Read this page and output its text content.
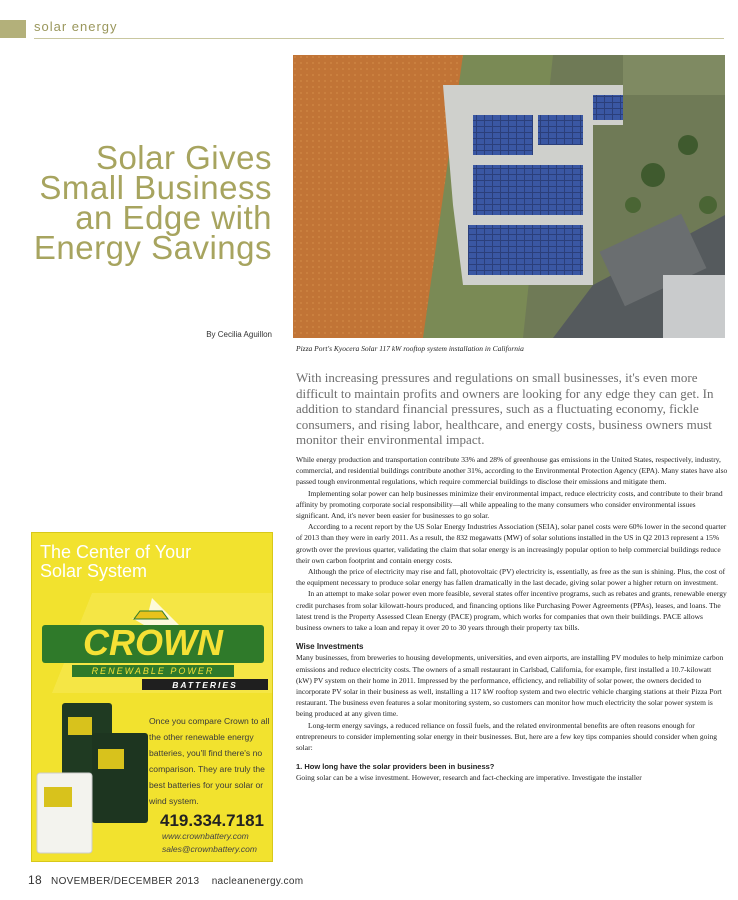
solar energy
Solar Gives Small Business an Edge with Energy Savings
By Cecilia Aguillon
Pizza Port's Kyocera Solar 117 kW rooftop system installation in California

With increasing pressures and regulations on small businesses, it's even more difficult to maintain profits and owners are looking for any edge they can get. In addition to standard financial pressures, such as a fluctuating economy, fickle consumers, and rising labor, healthcare, and energy costs, business owners must monitor their environmental impact.

While energy production and transportation contribute 33% and 28% of greenhouse gas emissions in the United States, respectively, industry, commercial, and residential buildings contribute another 31%, according to the Environmental Protection Agency (EPA). Many states have also passed tough environmental regulations, which require commercial buildings to disclose their emissions and mitigate them.

Implementing solar power can help businesses minimize their environmental impact, reduce electricity costs, and contribute to their brand affinity by promoting corporate social responsibility—all while appealing to the many consumers who consider environmental issues significant. And, it's never been easier for businesses to go solar.

According to a recent report by the US Solar Energy Industries Association (SEIA), solar panel costs were 60% lower in the second quarter of 2013 than they were in early 2011. As a result, the 832 megawatts (MW) of solar solutions installed in the US in Q2 2013 represent a 15% growth over the previous quarter, validating the claim that solar energy is an increasingly popular option to help commercial buildings reduce their own carbon footprint and contain energy costs.

Although the price of electricity may rise and fall, photovoltaic (PV) electricity is, essentially, as free as the sun is shining. Plus, the cost of the equipment necessary to produce solar energy has fallen dramatically in the last decade, giving solar power a higher return on investment.

In an attempt to make solar power even more feasible, several states offer incentive programs, such as rebates and grants, renewable energy credit purchases from solar kilowatt-hours produced, and financing options like Purchasing Power Agreements (PPAs), leases, and loans. The latest trend is the Property Assessed Clean Energy (PACE) program, which works for companies that own their buildings. PACE allows business owners to take a loan and repay it over 20 to 30 years through their property tax bills.

Wise Investments

Many businesses, from breweries to housing developments, universities, and even airports, are installing PV modules to help minimize carbon emissions and reduce electricity costs. The owners of a small restaurant in Carlsbad, California, for example, first installed a 10.7-kilowatt (kW) PV system on their home in 2011. Impressed by the performance, efficiency, and reliability of solar power, the owners decided to incorporate PV solar in their business as well, installing a 117 kW rooftop system and two electric vehicle charging stations at their Pizza Port restaurant. The business even features a solar monitoring system, so customers can monitor how much electricity the solar power system is being produced at any given time.

Long-term energy savings, a reduced reliance on fossil fuels, and the related environmental benefits are often reasons enough for entrepreneurs to consider implementing solar energy in their businesses. But, here are a few key tips companies should consider when going solar:

1. How long have the solar providers been in business?

Going solar can be a wise investment. However, research and fact-checking are imperative. Investigate the installer

The Center of Your Solar System
CROWN
RENEWABLE POWER
BATTERIES
Once you compare Crown to all the other renewable energy batteries, you'll find there's no comparison. They are truly the best batteries for your solar or wind system.
419.334.7181
www.crownbattery.com
sales@crownbattery.com
18 NOVEMBER/DECEMBER 2013 nacleanenergy.com
